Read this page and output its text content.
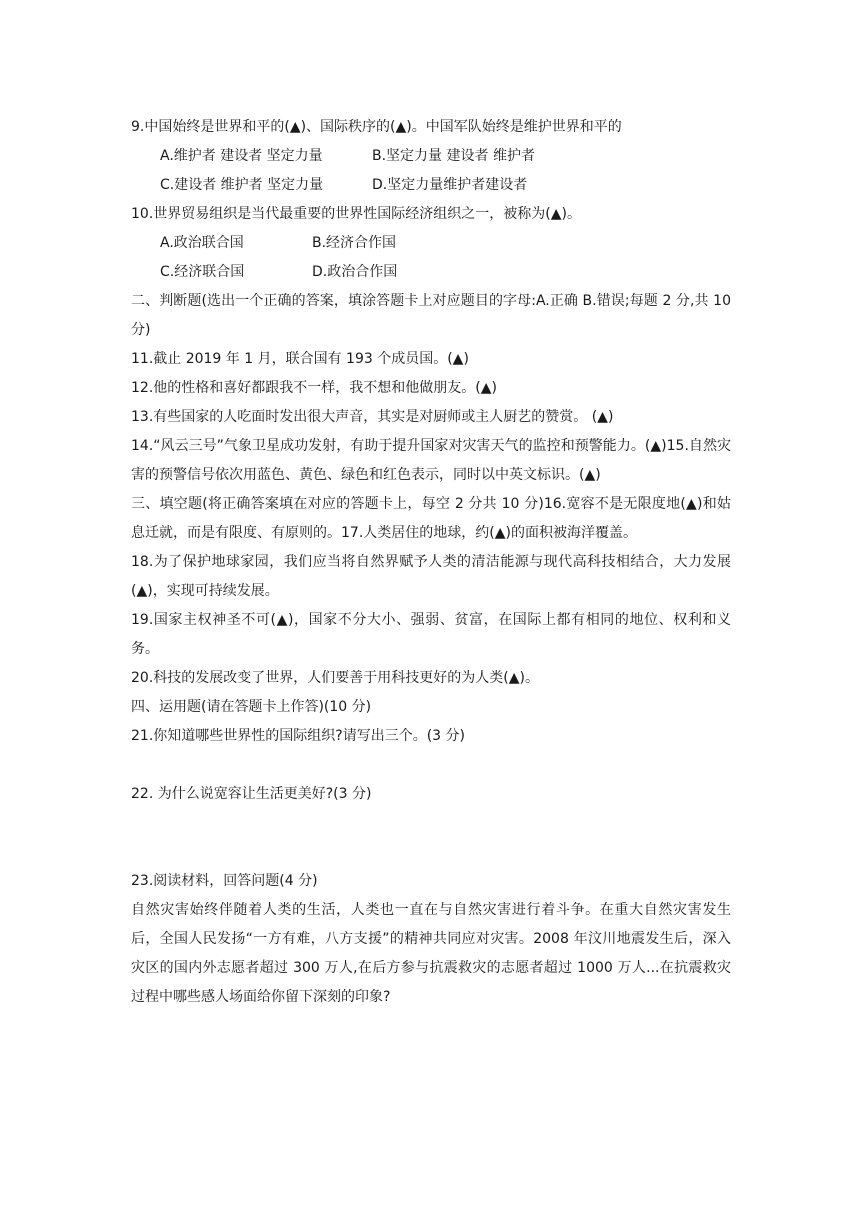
9.中国始终是世界和平的(▲)、国际秩序的(▲)。中国军队始终是维护世界和平的
A.维护者 建设者 坚定力量	B.坚定力量 建设者 维护者
C.建设者 维护者 坚定力量	D.坚定力量维护者建设者
10.世界贸易组织是当代最重要的世界性国际经济组织之一，被称为(▲)。
A.政治联合国	B.经济合作国
C.经济联合国	D.政治合作国
二、判断题(选出一个正确的答案，填涂答题卡上对应题目的字母:A.正确 B.错误;每题 2 分,共 10 分)
11.截止 2019 年 1 月，联合国有 193 个成员国。(▲)
12.他的性格和喜好都跟我不一样，我不想和他做朋友。(▲)
13.有些国家的人吃面时发出很大声音，其实是对厨师或主人厨艺的赞赏。 (▲)
14.“风云三号”气象卫星成功发射，有助于提升国家对灾害天气的监控和预警能力。(▲)15.自然灾害的预警信号依次用蓝色、黄色、绿色和红色表示，同时以中英文标识。(▲)
三、填空题(将正确答案填在对应的答题卡上，每空 2 分共 10 分)16.宽容不是无限度地(▲)和姑息迁就，而是有限度、有原则的。17.人类居住的地球，约(▲)的面积被海洋覆盖。
18.为了保护地球家园，我们应当将自然界赋予人类的清洁能源与现代高科技相结合，大力发展 (▲)，实现可持续发展。
19.国家主权神圣不可(▲)，国家不分大小、强弱、贫富，在国际上都有相同的地位、权利和义务。
20.科技的发展改变了世界，人们要善于用科技更好的为人类(▲)。
四、运用题(请在答题卡上作答)(10 分)
21.你知道哪些世界性的国际组织?请写出三个。(3 分)
22. 为什么说宽容让生活更美好?(3 分)
23.阅读材料，回答问题(4 分)
自然灾害始终伴随着人类的生活，人类也一直在与自然灾害进行着斗争。在重大自然灾害发生后，全国人民发扬“一方有难，八方支援”的精神共同应对灾害。2008 年汶川地震发生后，深入灾区的国内外志愿者超过 300 万人,在后方参与抗震救灾的志愿者超过 1000 万人...在抗震救灾过程中哪些感人场面给你留下深刻的印象?
